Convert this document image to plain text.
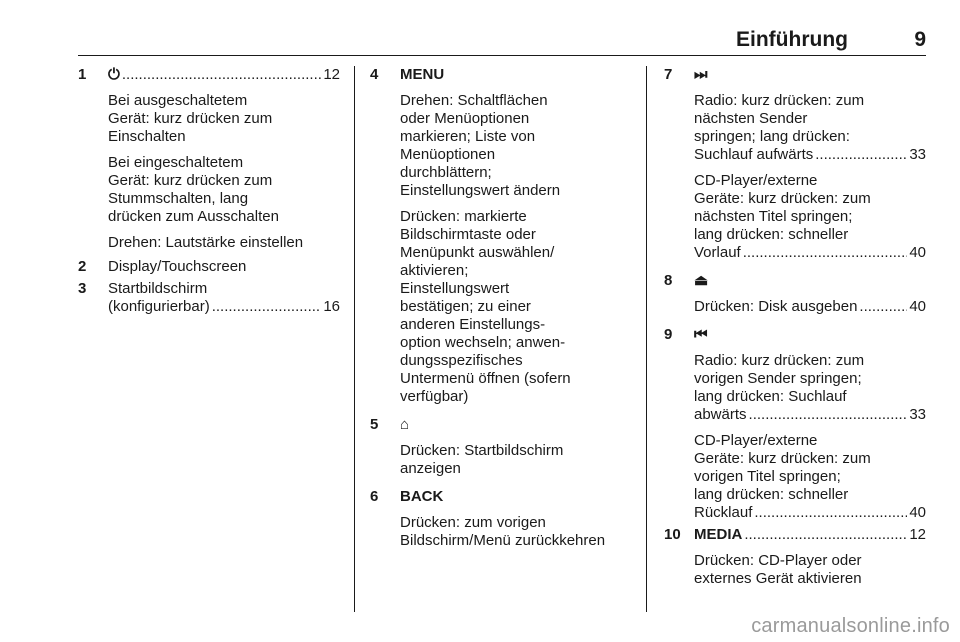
Einführung	9
1	⏻ .....	12
Bei ausgeschaltetem
Gerät: kurz drücken zum
Einschalten
Bei eingeschaltetem
Gerät: kurz drücken zum
Stummschalten, lang
drücken zum Ausschalten
Drehen: Lautstärke einstellen
2	Display/Touchscreen
3	Startbildschirm
(konfigurierbar) .....	16
4	MENU
Drehen: Schaltflächen
oder Menüoptionen
markieren; Liste von
Menüoptionen
durchblättern;
Einstellungswert ändern
Drücken: markierte
Bildschirmtaste oder
Menüpunkt auswählen/
aktivieren;
Einstellungswert
bestätigen; zu einer
anderen Einstellungs-
option wechseln; anwen-
dungsspezifisches
Untermenü öffnen (sofern
verfügbar)
5	⌂
Drücken: Startbildschirm
anzeigen
6	BACK
Drücken: zum vorigen
Bildschirm/Menü zurückkehren
7	⏭
Radio: kurz drücken: zum
nächsten Sender
springen; lang drücken:
Suchlauf aufwärts .....	33
CD-Player/externe
Geräte: kurz drücken: zum
nächsten Titel springen;
lang drücken: schneller
Vorlauf .....	40
8	⏏
Drücken: Disk ausgeben .....	40
9	⏮
Radio: kurz drücken: zum
vorigen Sender springen;
lang drücken: Suchlauf
abwärts .....	33
CD-Player/externe
Geräte: kurz drücken: zum
vorigen Titel springen;
lang drücken: schneller
Rücklauf .....	40
10 MEDIA .....	12
Drücken: CD-Player oder
externes Gerät aktivieren
carmanualsonline.info
